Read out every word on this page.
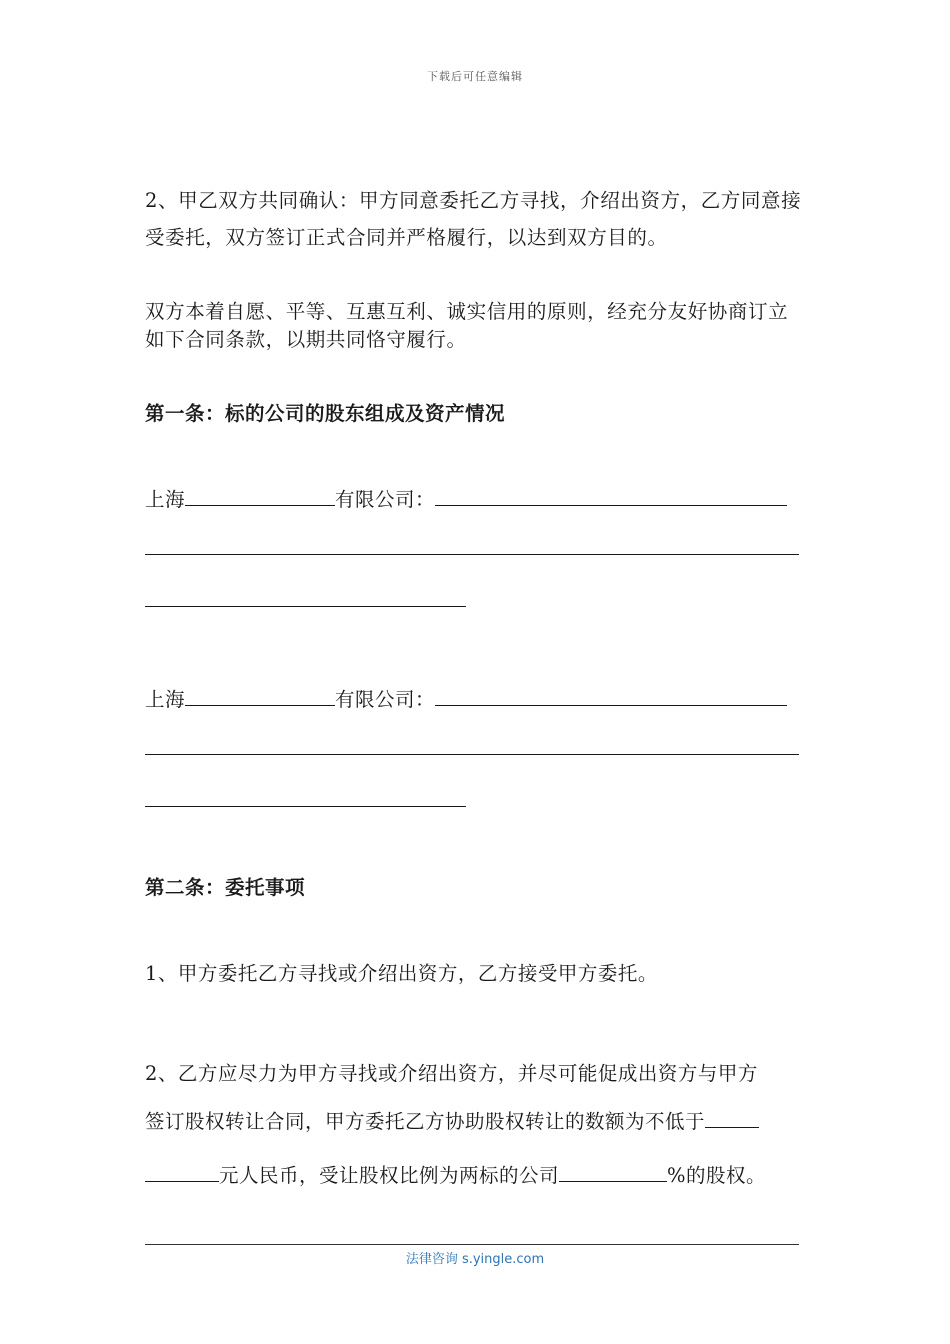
下载后可任意编辑

2、甲乙双方共同确认：甲方同意委托乙方寻找，介绍出资方，乙方同意接受委托，双方签订正式合同并严格履行，以达到双方目的。

双方本着自愿、平等、互惠互利、诚实信用的原则，经充分友好协商订立如下合同条款，以期共同恪守履行。

第一条：标的公司的股东组成及资产情况
上海	有限公司：
上海	有限公司：
第二条：委托事项
1、甲方委托乙方寻找或介绍出资方，乙方接受甲方委托。
2、乙方应尽力为甲方寻找或介绍出资方，并尽可能促成出资方与甲方
签订股权转让合同，甲方委托乙方协助股权转让的数额为不低于
元人民币，受让股权比例为两标的公司	%的股权。
法律咨询 s.yingle.com
